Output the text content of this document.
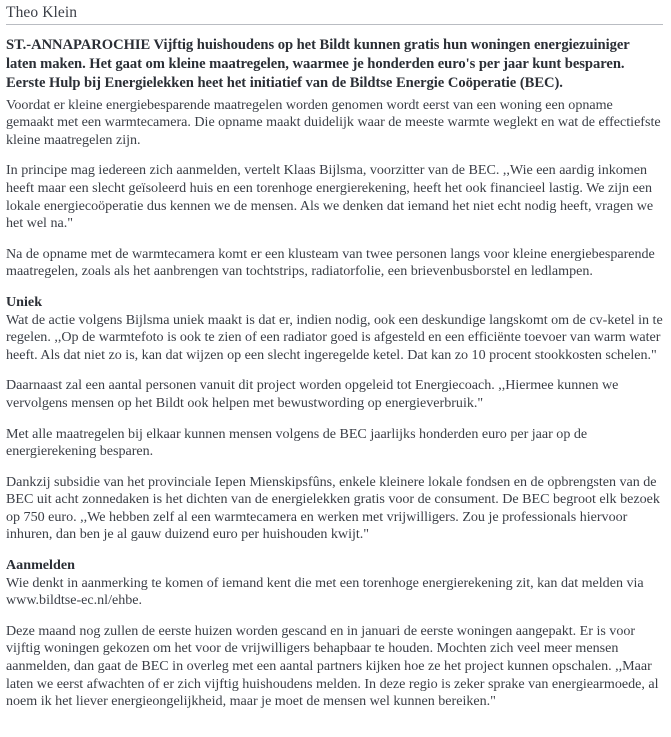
Theo Klein

ST.-ANNAPAROCHIE Vijftig huishoudens op het Bildt kunnen gratis hun woningen energiezuiniger laten maken. Het gaat om kleine maatregelen, waarmee je honderden euro's per jaar kunt besparen. Eerste Hulp bij Energielekken heet het initiatief van de Bildtse Energie Coöperatie (BEC).

Voordat er kleine energiebesparende maatregelen worden genomen wordt eerst van een woning een opname gemaakt met een warmtecamera. Die opname maakt duidelijk waar de meeste warmte weglekt en wat de effectiefste kleine maatregelen zijn.

In principe mag iedereen zich aanmelden, vertelt Klaas Bijlsma, voorzitter van de BEC. ,,Wie een aardig inkomen heeft maar een slecht geïsoleerd huis en een torenhoge energierekening, heeft het ook financieel lastig. We zijn een lokale energiecoöperatie dus kennen we de mensen. Als we denken dat iemand het niet echt nodig heeft, vragen we het wel na."

Na de opname met de warmtecamera komt er een klusteam van twee personen langs voor kleine energiebesparende maatregelen, zoals als het aanbrengen van tochtstrips, radiatorfolie, een brievenbusborstel en ledlampen.

Uniek

Wat de actie volgens Bijlsma uniek maakt is dat er, indien nodig, ook een deskundige langskomt om de cv-ketel in te regelen. ,,Op de warmtefoto is ook te zien of een radiator goed is afgesteld en een efficiënte toevoer van warm water heeft. Als dat niet zo is, kan dat wijzen op een slecht ingeregelde ketel. Dat kan zo 10 procent stookkosten schelen."

Daarnaast zal een aantal personen vanuit dit project worden opgeleid tot Energiecoach. ,,Hiermee kunnen we vervolgens mensen op het Bildt ook helpen met bewustwording op energieverbruik."

Met alle maatregelen bij elkaar kunnen mensen volgens de BEC jaarlijks honderden euro per jaar op de energierekening besparen.

Dankzij subsidie van het provinciale Iepen Mienskipsfûns, enkele kleinere lokale fondsen en de opbrengsten van de BEC uit acht zonnedaken is het dichten van de energielekken gratis voor de consument. De BEC begroot elk bezoek op 750 euro. ,,We hebben zelf al een warmtecamera en werken met vrijwilligers. Zou je professionals hiervoor inhuren, dan ben je al gauw duizend euro per huishouden kwijt."

Aanmelden

Wie denkt in aanmerking te komen of iemand kent die met een torenhoge energierekening zit, kan dat melden via www.bildtse-ec.nl/ehbe.

Deze maand nog zullen de eerste huizen worden gescand en in januari de eerste woningen aangepakt. Er is voor vijftig woningen gekozen om het voor de vrijwilligers behapbaar te houden. Mochten zich veel meer mensen aanmelden, dan gaat de BEC in overleg met een aantal partners kijken hoe ze het project kunnen opschalen. ,,Maar laten we eerst afwachten of er zich vijftig huishoudens melden. In deze regio is zeker sprake van energiearmoede, al noem ik het liever energieongelijkheid, maar je moet de mensen wel kunnen bereiken."
